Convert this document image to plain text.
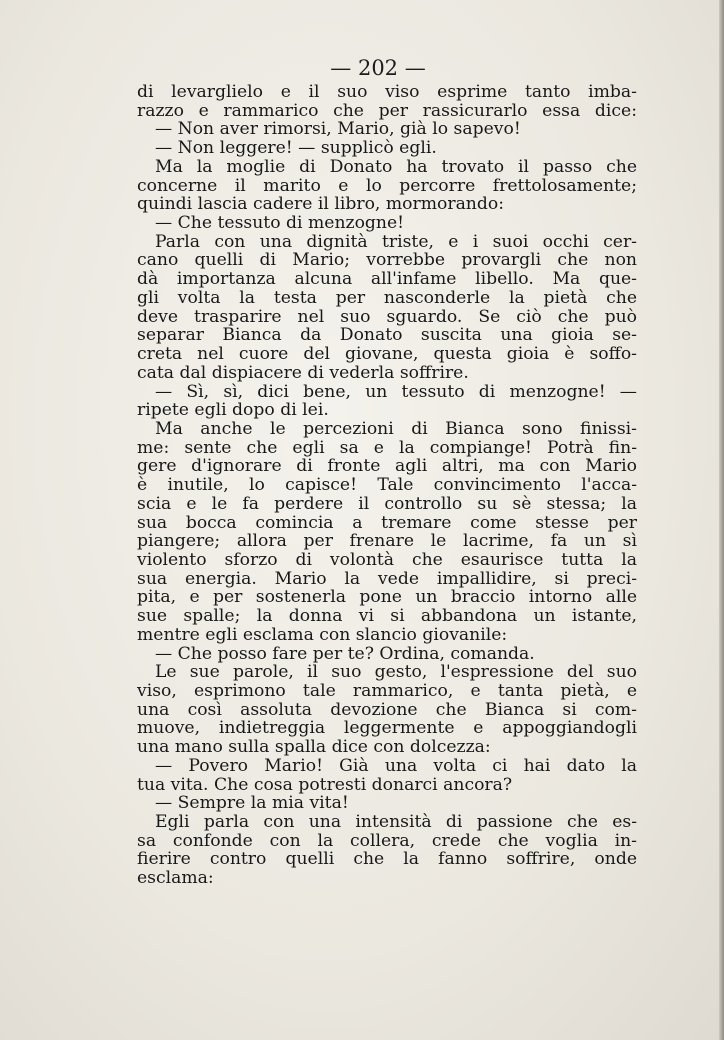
— 202 —
di levarglielo e il suo viso esprime tanto imba-
razzo e rammarico che per rassicurarlo essa dice:
— Non aver rimorsi, Mario, già lo sapevo!
— Non leggere! — supplicò egli.
Ma la moglie di Donato ha trovato il passo che
concerne il marito e lo percorre frettolosamente;
quindi lascia cadere il libro, mormorando:
— Che tessuto di menzogne!
Parla con una dignità triste, e i suoi occhi cer-
cano quelli di Mario; vorrebbe provargli che non
dà importanza alcuna all'infame libello. Ma que-
gli volta la testa per nasconderle la pietà che
deve trasparire nel suo sguardo. Se ciò che può
separar Bianca da Donato suscita una gioia se-
creta nel cuore del giovane, questa gioia è soffo-
cata dal dispiacere di vederla soffrire.
— Sì, sì, dici bene, un tessuto di menzogne! —
ripete egli dopo di lei.
Ma anche le percezioni di Bianca sono finissi-
me: sente che egli sa e la compiange! Potrà fin-
gere d'ignorare di fronte agli altri, ma con Mario
è inutile, lo capisce! Tale convincimento l'acca-
scia e le fa perdere il controllo su sè stessa; la
sua bocca comincia a tremare come stesse per
piangere; allora per frenare le lacrime, fa un sì
violento sforzo di volontà che esaurisce tutta la
sua energia. Mario la vede impallidire, si preci-
pita, e per sostenerla pone un braccio intorno alle
sue spalle; la donna vi si abbandona un istante,
mentre egli esclama con slancio giovanile:
— Che posso fare per te? Ordina, comanda.
Le sue parole, il suo gesto, l'espressione del suo
viso, esprimono tale rammarico, e tanta pietà, e
una così assoluta devozione che Bianca si com-
muove, indietreggia leggermente e appoggiandogli
una mano sulla spalla dice con dolcezza:
— Povero Mario! Già una volta ci hai dato la
tua vita. Che cosa potresti donarci ancora?
— Sempre la mia vita!
Egli parla con una intensità di passione che es-
sa confonde con la collera, crede che voglia in-
fierire contro quelli che la fanno soffrire, onde
esclama:
